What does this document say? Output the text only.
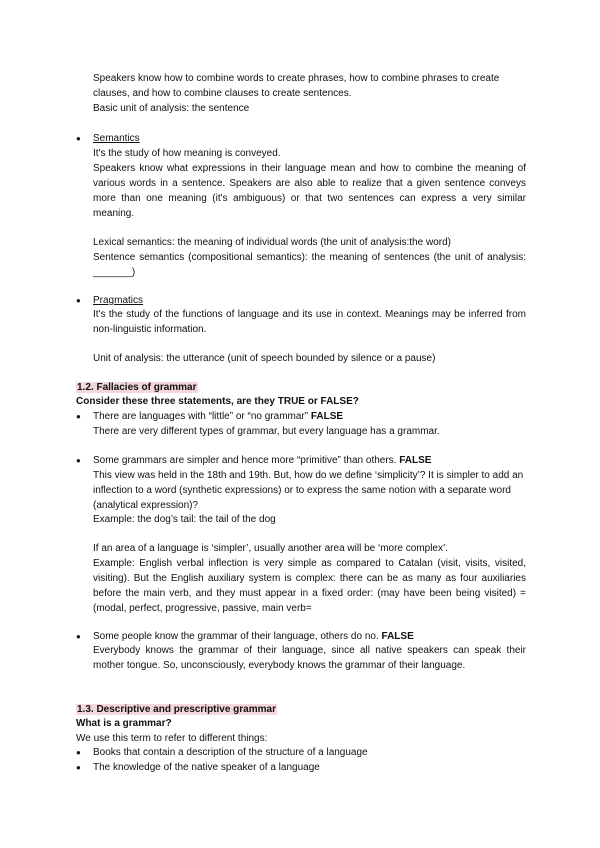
Speakers know how to combine words to create phrases, how to combine phrases to create clauses, and how to combine clauses to create sentences.

Basic unit of analysis: the sentence

●

Semantics

It's the study of how meaning is conveyed.

Speakers know what expressions in their language mean and how to combine the meaning of various words in a sentence. Speakers are also able to realize that a given sentence conveys more than one meaning (it's ambiguous) or that two sentences can express a very similar meaning.

Lexical semantics: the meaning of individual words (the unit of analysis:the word)

Sentence semantics (compositional semantics): the meaning of sentences (the unit of analysis: _______)

●

Pragmatics

It's the study of the functions of language and its use in context. Meanings may be inferred from non-linguistic information.

Unit of analysis: the utterance (unit of speech bounded by silence or a pause)

1.2. Fallacies of grammar

Consider these three statements, are they TRUE or FALSE?

●

There are languages with “little” or “no grammar” FALSE

There are very different types of grammar, but every language has a grammar.

●

Some grammars are simpler and hence more “primitive” than others. FALSE

This view was held in the 18th and 19th. But, how do we define ‘simplicity’? It is simpler to add an inflection to a word (synthetic expressions) or to express the same notion with a separate word (analytical expression)?

Example: the dog’s tail: the tail of the dog

If an area of a language is ‘simpler’, usually another area will be ‘more complex’.

Example: English verbal inflection is very simple as compared to Catalan (visit, visits, visited, visiting). But the English auxiliary system is complex: there can be as many as four auxiliaries before the main verb, and they must appear in a fixed order: (may have been being visited) = (modal, perfect, progressive, passive, main verb=

●

Some people know the grammar of their language, others do no. FALSE

Everybody knows the grammar of their language, since all native speakers can speak their mother tongue. So, unconsciously, everybody knows the grammar of their language.

1.3. Descriptive and prescriptive grammar

What is a grammar?

We use this term to refer to different things:

●

Books that contain a description of the structure of a language

●

The knowledge of the native speaker of a language
